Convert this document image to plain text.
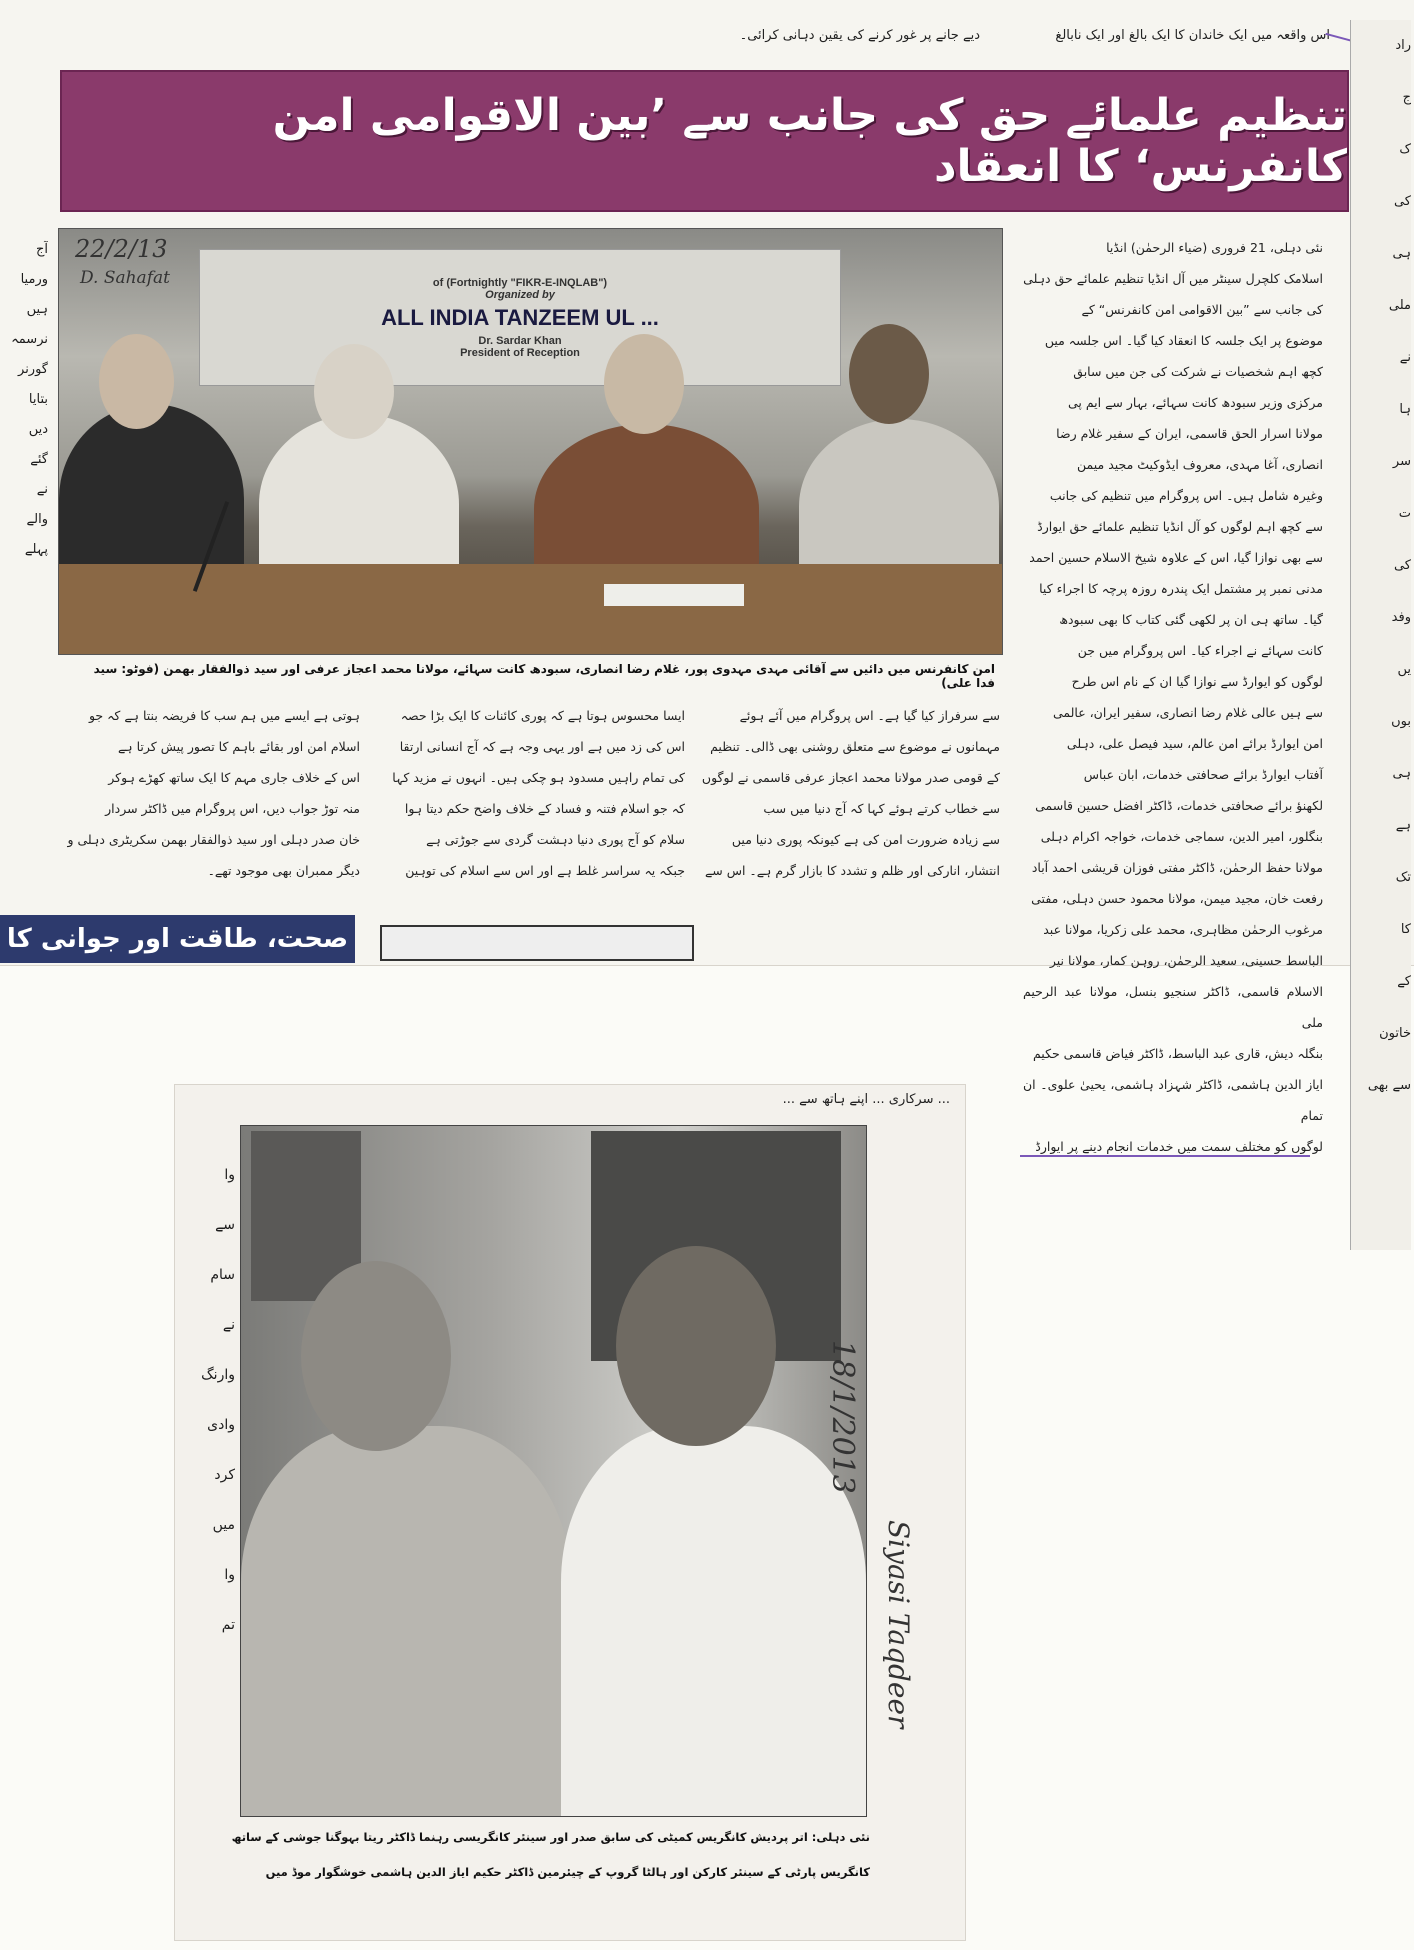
دیے جانے پر غور کرنے کی یقین دہانی کرائی۔	اس واقعہ میں ایک خاندان کا ایک بالغ اور ایک نابالغ
تنظیم علمائے حق کی جانب سے ’بین الاقوامی امن کانفرنس‘ کا انعقاد
of (Fortnightly "FIKR-E-INQLAB")
Organized by
ALL INDIA TANZEEM UL ...
Dr. Sardar Khan
President of Reception
22/2/13
D. Sahafat
امن کانفرنس میں دائیں سے آقائی مہدی مہدوی پور، غلام رضا انصاری، سبودھ کانت سہائے، مولانا محمد اعجاز عرفی اور سید ذوالفقار بھمن (فوٹو: سید فدا علی)

نئی دہلی، 21 فروری (ضیاء الرحمٰن) انڈیا

اسلامک کلچرل سینٹر میں آل انڈیا تنظیم علمائے حق دہلی

کی جانب سے ”بین الاقوامی امن کانفرنس“ کے

موضوع پر ایک جلسہ کا انعقاد کیا گیا۔ اس جلسہ میں

کچھ اہم شخصیات نے شرکت کی جن میں سابق

مرکزی وزیر سبودھ کانت سہائے، بہار سے ایم پی

مولانا اسرار الحق قاسمی، ایران کے سفیر غلام رضا

انصاری، آغا مہدی، معروف ایڈوکیٹ مجید میمن

وغیرہ شامل ہیں۔ اس پروگرام میں تنظیم کی جانب

سے کچھ اہم لوگوں کو آل انڈیا تنظیم علمائے حق ایوارڈ

سے بھی نوازا گیا، اس کے علاوہ شیخ الاسلام حسین احمد

مدنی نمبر پر مشتمل ایک پندرہ روزہ پرچہ کا اجراء کیا

گیا۔ ساتھ ہی ان پر لکھی گئی کتاب کا بھی سبودھ

کانت سہائے نے اجراء کیا۔ اس پروگرام میں جن

لوگوں کو ایوارڈ سے نوازا گیا ان کے نام اس طرح

سے ہیں عالی غلام رضا انصاری، سفیر ایران، عالمی

امن ایوارڈ برائے امن عالم، سید فیصل علی، دہلی

آفتاب ایوارڈ برائے صحافتی خدمات، ابان عباس

لکھنؤ برائے صحافتی خدمات، ڈاکٹر افضل حسین قاسمی

بنگلور، امیر الدین، سماجی خدمات، خواجہ اکرام دہلی

مولانا حفظ الرحمٰن، ڈاکٹر مفتی فوزان قریشی احمد آباد

رفعت خان، مجید میمن، مولانا محمود حسن دہلی، مفتی

مرغوب الرحمٰن مظاہری، محمد علی زکریا، مولانا عبد

الباسط حسینی، سعید الرحمٰن، روہن کمار، مولانا نیر

الاسلام قاسمی، ڈاکٹر سنجیو بنسل، مولانا عبد الرحیم ملی

بنگلہ دیش، قاری عبد الباسط، ڈاکٹر فیاض قاسمی حکیم

ایاز الدین ہاشمی، ڈاکٹر شہزاد ہاشمی، یحییٰ علوی۔ ان تمام

لوگوں کو مختلف سمت میں خدمات انجام دینے پر ایوارڈ

سے سرفراز کیا گیا ہے۔ اس پروگرام میں آئے ہوئے

مہمانوں نے موضوع سے متعلق روشنی بھی ڈالی۔ تنظیم

کے قومی صدر مولانا محمد اعجاز عرفی قاسمی نے لوگوں

سے خطاب کرتے ہوئے کہا کہ آج دنیا میں سب

سے زیادہ ضرورت امن کی ہے کیونکہ پوری دنیا میں

انتشار، انارکی اور ظلم و تشدد کا بازار گرم ہے۔ اس سے

ایسا محسوس ہوتا ہے کہ پوری کائنات کا ایک بڑا حصہ

اس کی زد میں ہے اور یہی وجہ ہے کہ آج انسانی ارتقا

کی تمام راہیں مسدود ہو چکی ہیں۔ انہوں نے مزید کہا

کہ جو اسلام فتنہ و فساد کے خلاف واضح حکم دیتا ہوا

سلام کو آج پوری دنیا دہشت گردی سے جوڑتی ہے

جبکہ یہ سراسر غلط ہے اور اس سے اسلام کی توہین

ہوتی ہے ایسے میں ہم سب کا فریضہ بنتا ہے کہ جو

اسلام امن اور بقائے باہم کا تصور پیش کرتا ہے

اس کے خلاف جاری مہم کا ایک ساتھ کھڑے ہوکر

منہ توڑ جواب دیں، اس پروگرام میں ڈاکٹر سردار

خان صدر دہلی اور سید ذوالفقار بھمن سکریٹری دہلی و

دیگر ممبران بھی موجود تھے۔

صحت، طاقت اور جوانی کا
آج
ورمیا
ہیں
نرسمہ
گورنر
بتایا
دیں
گئے
نے
والے
پہلے
راد
ج
ک
کی
ہی
ملی
نے
ہا
سر
ت
کی
وفد
یں
بوں
ہی
ہے
تک
کا
کے
خاتون
سے بھی
... سرکاری ... اپنے ہاتھ سے ...
18/1/2013
Siyasi Taqdeer
وا
سے
سام
نے
وارنگ
وادی
کرد
میں
وا
تم
نئی دہلی: اتر پردیش کانگریس کمیٹی کی سابق صدر اور سینئر کانگریسی رہنما ڈاکٹر ریتا بہوگنا جوشی کے ساتھ
کانگریس پارٹی کے سینئر کارکن اور ہالٹا گروپ کے چیئرمین ڈاکٹر حکیم ایاز الدین ہاشمی خوشگوار موڈ میں
